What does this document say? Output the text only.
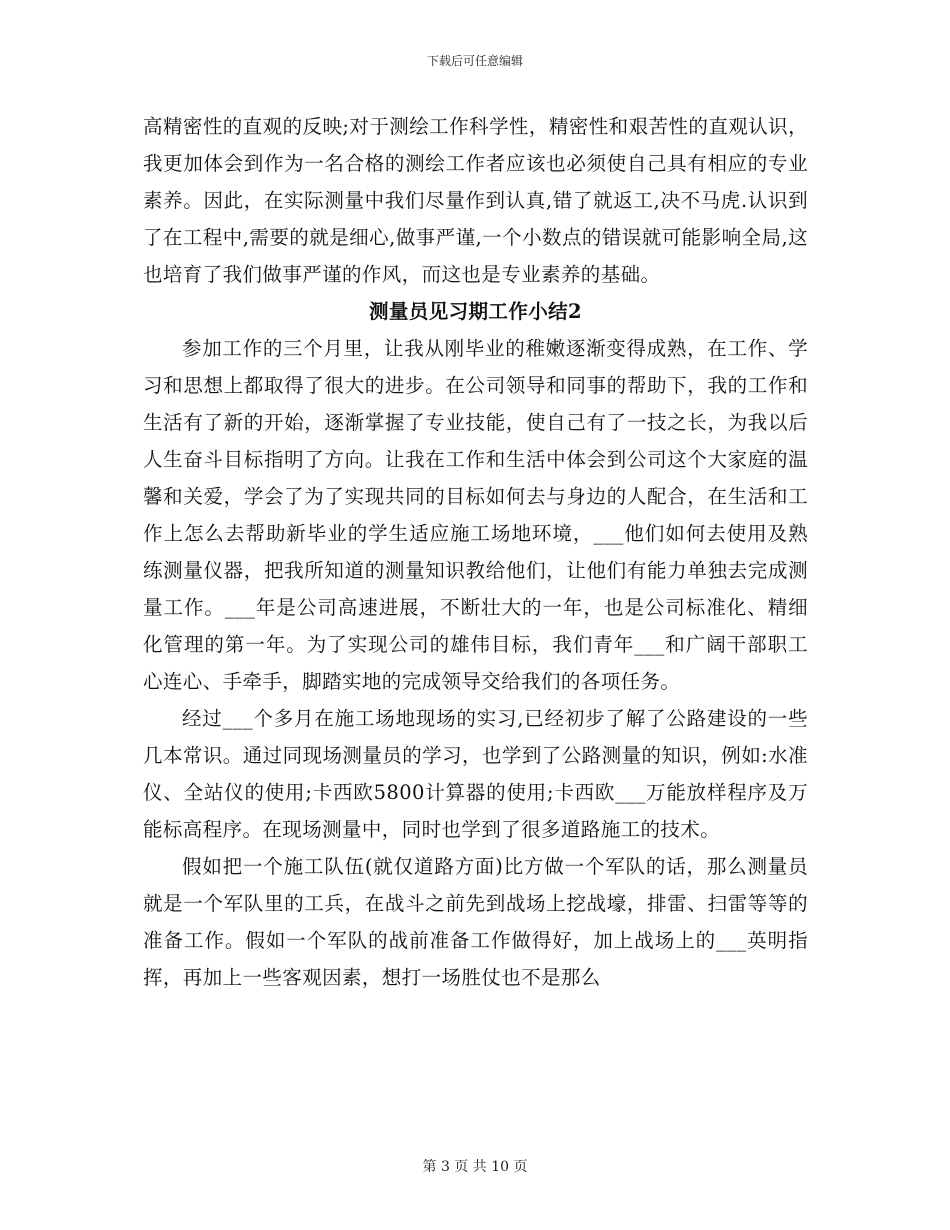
下载后可任意编辑

高精密性的直观的反映;对于测绘工作科学性，精密性和艰苦性的直观认识，我更加体会到作为一名合格的测绘工作者应该也必须使自己具有相应的专业素养。因此，在实际测量中我们尽量作到认真,错了就返工,决不马虎.认识到了在工程中,需要的就是细心,做事严谨,一个小数点的错误就可能影响全局,这也培育了我们做事严谨的作风，而这也是专业素养的基础。

测量员见习期工作小结2

参加工作的三个月里，让我从刚毕业的稚嫩逐渐变得成熟，在工作、学习和思想上都取得了很大的进步。在公司领导和同事的帮助下，我的工作和生活有了新的开始，逐渐掌握了专业技能，使自己有了一技之长，为我以后人生奋斗目标指明了方向。让我在工作和生活中体会到公司这个大家庭的温馨和关爱，学会了为了实现共同的目标如何去与身边的人配合，在生活和工作上怎么去帮助新毕业的学生适应施工场地环境，___他们如何去使用及熟练测量仪器，把我所知道的测量知识教给他们，让他们有能力单独去完成测量工作。___年是公司高速进展，不断壮大的一年，也是公司标准化、精细化管理的第一年。为了实现公司的雄伟目标，我们青年___和广阔干部职工心连心、手牵手，脚踏实地的完成领导交给我们的各项任务。

经过___个多月在施工场地现场的实习,已经初步了解了公路建设的一些几本常识。通过同现场测量员的学习，也学到了公路测量的知识，例如:水准仪、全站仪的使用;卡西欧5800计算器的使用;卡西欧___万能放样程序及万能标高程序。在现场测量中，同时也学到了很多道路施工的技术。

假如把一个施工队伍(就仅道路方面)比方做一个军队的话，那么测量员就是一个军队里的工兵，在战斗之前先到战场上挖战壕，排雷、扫雷等等的准备工作。假如一个军队的战前准备工作做得好，加上战场上的___英明指挥，再加上一些客观因素，想打一场胜仗也不是那么

第 3 页 共 10 页
